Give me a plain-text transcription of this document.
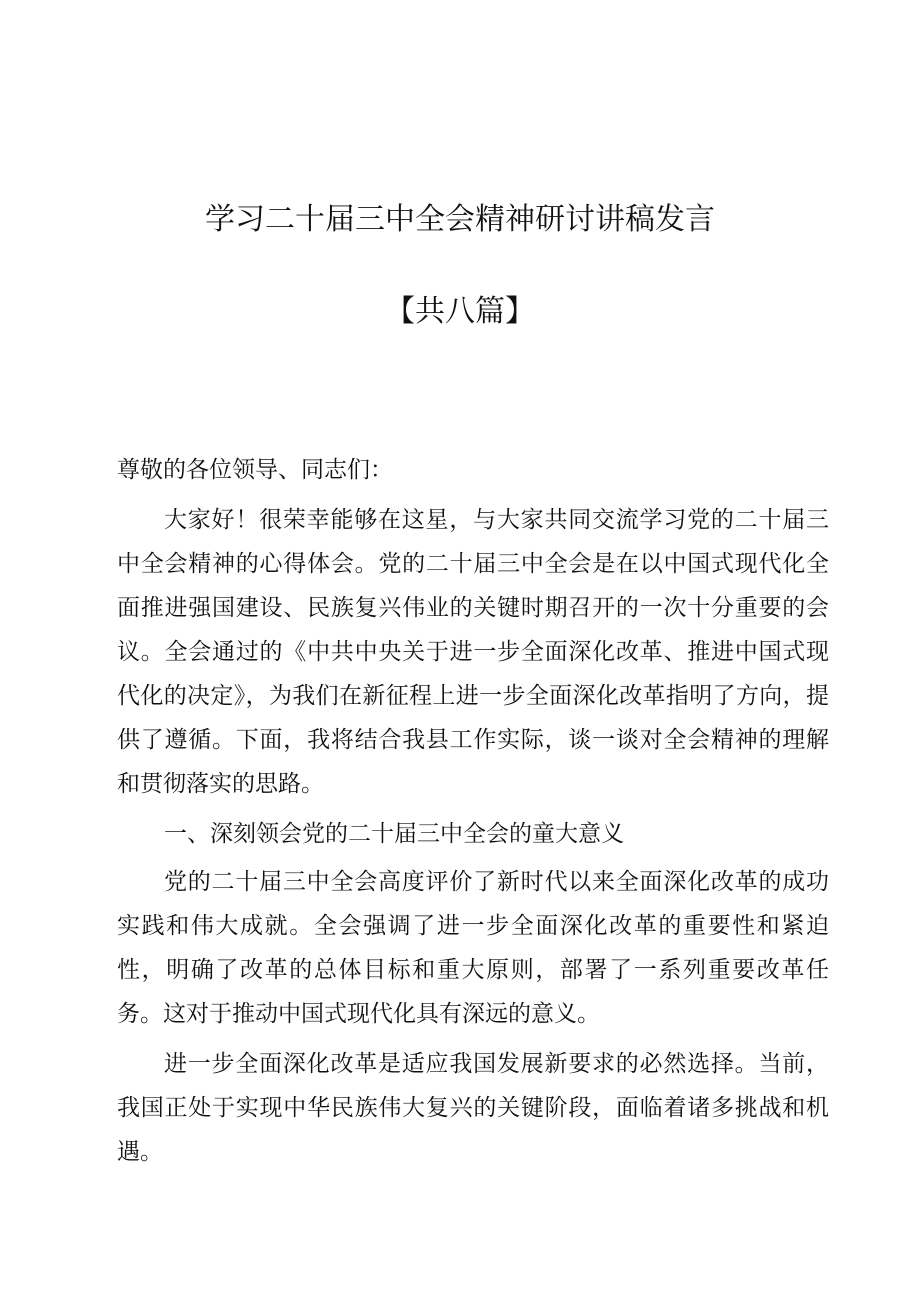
学习二十届三中全会精神研讨讲稿发言
【共八篇】

尊敬的各位领导、同志们：

大家好！很荣幸能够在这星，与大家共同交流学习党的二十届三中全会精神的心得体会。党的二十届三中全会是在以中国式现代化全面推进强国建设、民族复兴伟业的关键时期召开的一次十分重要的会议。全会通过的《中共中央关于进一步全面深化改革、推进中国式现代化的决定》，为我们在新征程上进一步全面深化改革指明了方向，提供了遵循。下面，我将结合我县工作实际，谈一谈对全会精神的理解和贯彻落实的思路。

一、深刻领会党的二十届三中全会的童大意义

党的二十届三中全会高度评价了新时代以来全面深化改革的成功实践和伟大成就。全会强调了进一步全面深化改革的重要性和紧迫性，明确了改革的总体目标和重大原则，部署了一系列重要改革任务。这对于推动中国式现代化具有深远的意义。

进一步全面深化改革是适应我国发展新要求的必然选择。当前，我国正处于实现中华民族伟大复兴的关键阶段，面临着诸多挑战和机遇。
